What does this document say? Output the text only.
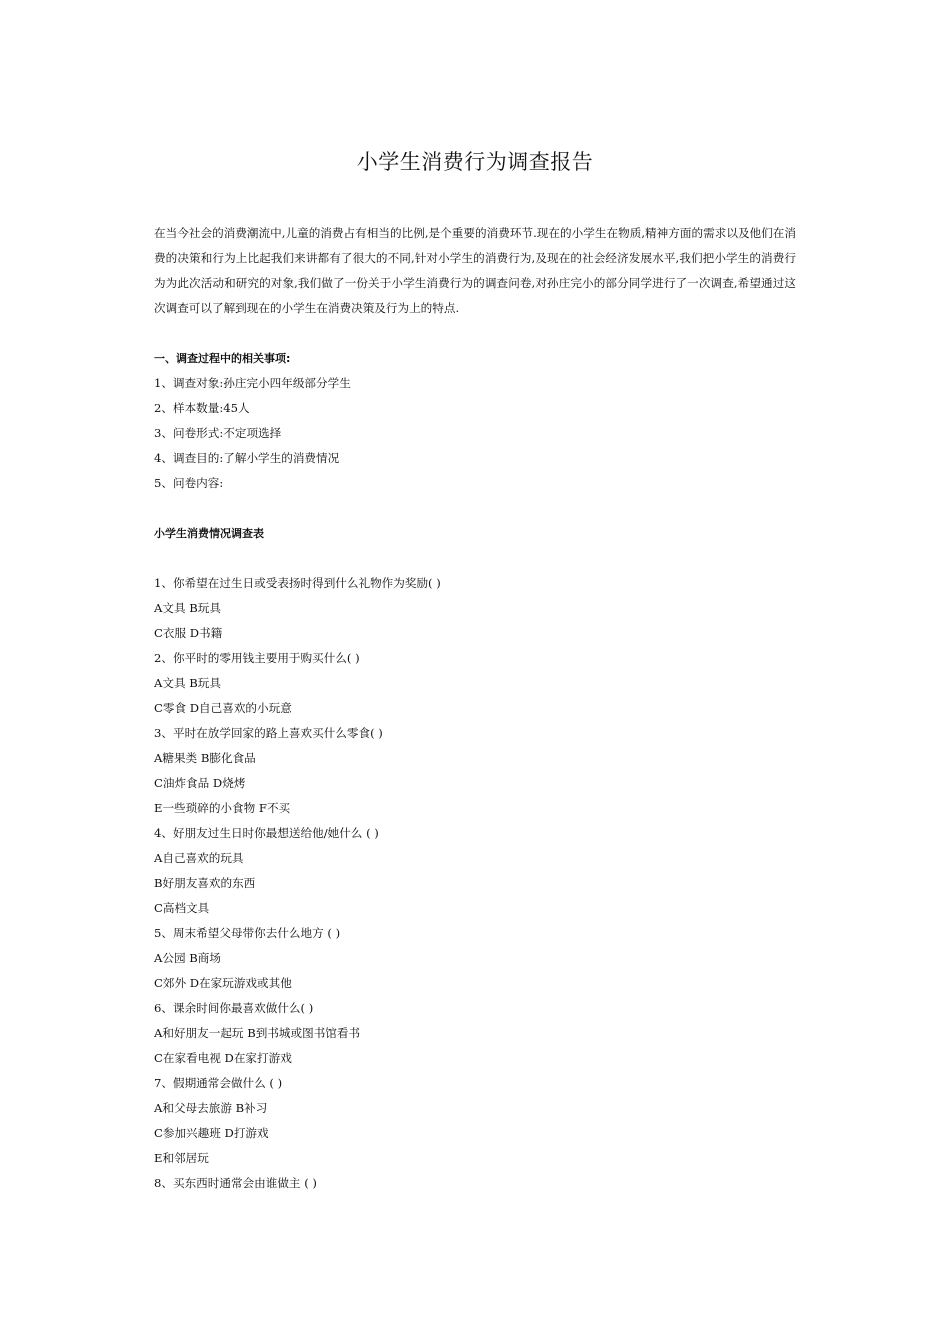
小学生消费行为调查报告

在当今社会的消费潮流中,儿童的消费占有相当的比例,是个重要的消费环节.现在的小学生在物质,精神方面的需求以及他们在消费的决策和行为上比起我们来讲都有了很大的不同,针对小学生的消费行为,及现在的社会经济发展水平,我们把小学生的消费行为为此次活动和研究的对象,我们做了一份关于小学生消费行为的调查问卷,对孙庄完小的部分同学进行了一次调查,希望通过这次调查可以了解到现在的小学生在消费决策及行为上的特点.

一、调查过程中的相关事项:
1、调查对象:孙庄完小四年级部分学生
2、样本数量:45人
3、问卷形式:不定项选择
4、调查目的:了解小学生的消费情况
5、问卷内容:
小学生消费情况调查表
1、你希望在过生日或受表扬时得到什么礼物作为奖励( )
A文具 B玩具
C衣服 D书籍
2、你平时的零用钱主要用于购买什么( )
A文具 B玩具
C零食 D自己喜欢的小玩意
3、平时在放学回家的路上喜欢买什么零食( )
A糖果类 B膨化食品
C油炸食品 D烧烤
E一些琐碎的小食物 F不买
4、好朋友过生日时你最想送给他/她什么 ( )
A自己喜欢的玩具
B好朋友喜欢的东西
C高档文具
5、周末希望父母带你去什么地方 ( )
A公园 B商场
C郊外 D在家玩游戏或其他
6、课余时间你最喜欢做什么( )
A和好朋友一起玩 B到书城或图书馆看书
C在家看电视 D在家打游戏
7、假期通常会做什么 ( )
A和父母去旅游 B补习
C参加兴趣班 D打游戏
E和邻居玩
8、买东西时通常会由谁做主 ( )
